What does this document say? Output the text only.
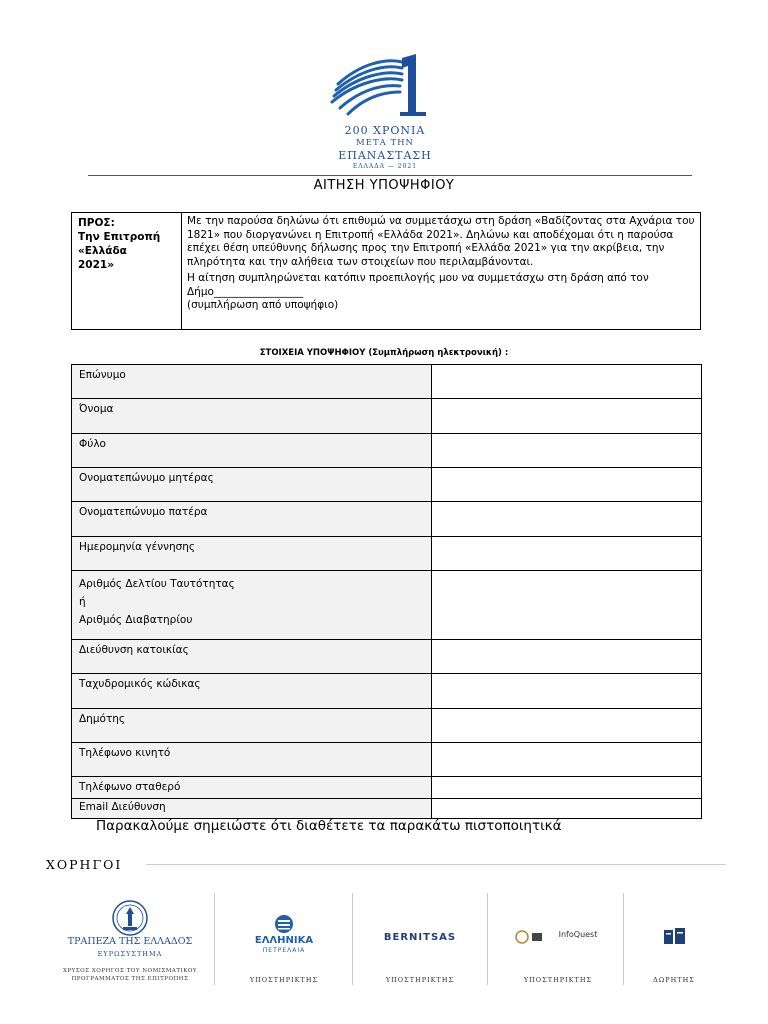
200 ΧΡΟΝΙΑ
ΜΕΤΑ ΤΗΝ
ΕΠΑΝΑΣΤΑΣΗ
ΕΛΛΑΔΑ — 2021
ΑΙΤΗΣΗ ΥΠΟΨΗΦΙΟΥ
ΠΡΟΣ:
Την Επιτροπή
«Ελλάδα
2021»

Με την παρούσα δηλώνω ότι επιθυμώ να συμμετάσχω στη δράση «Βαδίζοντας στα Αχνάρια του 1821» που διοργανώνει η Επιτροπή «Ελλάδα 2021». Δηλώνω και αποδέχομαι ότι η παρούσα επέχει θέση υπεύθυνης δήλωσης προς την Επιτροπή «Ελλάδα 2021» για την ακρίβεια, την πληρότητα και την αλήθεια των στοιχείων που περιλαμβάνονται.

Η αίτηση συμπληρώνεται κατόπιν προεπιλογής μου να συμμετάσχω στη δράση από τον Δήμο_________________

(συμπλήρωση από υποψήφιο)

ΣΤΟΙΧΕΙΑ ΥΠΟΨΗΦΙΟΥ (Συμπλήρωση ηλεκτρονική) :
Επώνυμο	
Όνομα	
Φύλο	
Ονοματεπώνυμο μητέρας	
Ονοματεπώνυμο πατέρα	
Ημερομηνία γέννησης	

Αριθμός Δελτίου Ταυτότητας
ή
Αριθμός Διαβατηρίου	

Διεύθυνση κατοικίας	
Ταχυδρομικός κώδικας	
Δημότης	
Τηλέφωνο κινητό	
Τηλέφωνο σταθερό	
Email Διεύθυνση	
Παρακαλούμε σημειώστε ότι διαθέτετε τα παρακάτω πιστοποιητικά
ΧΟΡΗΓΟΙ
ΤΡΑΠΕΖΑ ΤΗΣ ΕΛΛΑΔΟΣ
ΕΥΡΩΣΥΣΤΗΜΑ
ΧΡΥΣΟΣ ΧΟΡΗΓΟΣ ΤΟΥ ΝΟΜΙΣΜΑΤΙΚΟΥ
ΠΡΟΓΡΑΜΜΑΤΟΣ ΤΗΣ ΕΠΙΤΡΟΠΗΣ
ΕΛΛΗΝΙΚΑ
ΠΕΤΡΕΛΑΙΑ
ΥΠΟΣΤΗΡΙΚΤΗΣ
BERNITSAS
ΥΠΟΣΤΗΡΙΚΤΗΣ
InfoQuest
ΥΠΟΣΤΗΡΙΚΤΗΣ	ΔΩΡΗΤΗΣ
